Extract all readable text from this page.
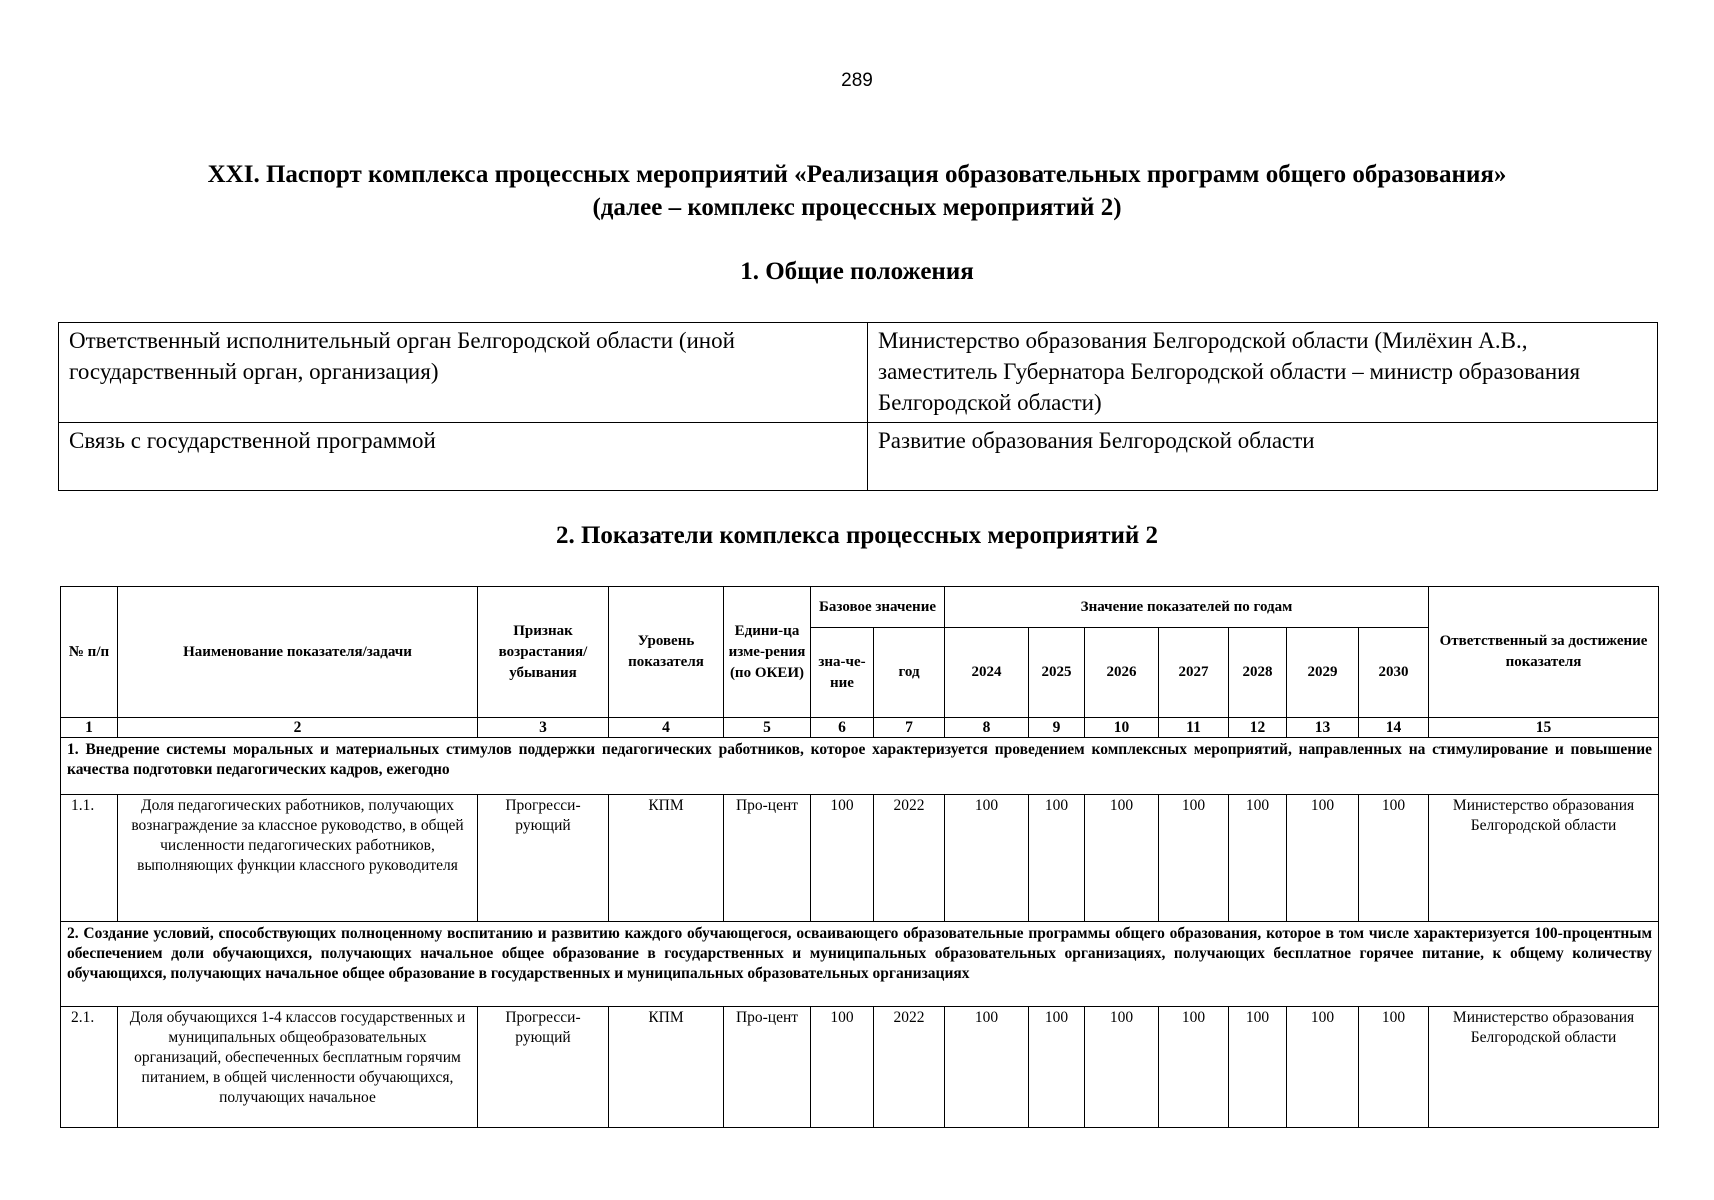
289
XXI. Паспорт комплекса процессных мероприятий «Реализация образовательных программ общего образования»
(далее – комплекс процессных мероприятий 2)
1. Общие положения
Ответственный исполнительный орган Белгородской области (иной государственный орган, организация)	Министерство образования Белгородской области (Милёхин А.В., заместитель Губернатора Белгородской области – министр образования Белгородской области)
Связь с государственной программой	Развитие образования Белгородской области
2. Показатели комплекса процессных мероприятий 2
№ п/п	Наименование показателя/задачи	Признак возрастания/ убывания	Уровень показателя	Едини-ца изме-рения (по ОКЕИ)	Базовое значение		Значение показателей по годам							Ответственный за достижение показателя
					зна-че-ние	год	2024	2025	2026	2027	2028	2029	2030	
1	2	3	4	5	6	7	8	9	10	11	12	13	14	15
1. Внедрение системы моральных и материальных стимулов поддержки педагогических работников, которое характеризуется проведением комплексных мероприятий, направленных на стимулирование и повышение качества подготовки педагогических кадров, ежегодно														
1.1.	Доля педагогических работников, получающих вознаграждение за классное руководство, в общей численности педагогических работников, выполняющих функции классного руководителя	Прогресси-рующий	КПМ	Про-цент	100	2022	100	100	100	100	100	100	100	Министерство образования Белгородской области
2. Создание условий, способствующих полноценному воспитанию и развитию каждого обучающегося, осваивающего образовательные программы общего образования, которое в том числе характеризуется 100-процентным обеспечением доли обучающихся, получающих начальное общее образование в государственных и муниципальных образовательных организациях, получающих бесплатное горячее питание, к общему количеству обучающихся, получающих начальное общее образование в государственных и муниципальных образовательных организациях														
2.1.	Доля обучающихся 1-4 классов государственных и муниципальных общеобразовательных организаций, обеспеченных бесплатным горячим питанием, в общей численности обучающихся, получающих начальное	Прогресси-рующий	КПМ	Про-цент	100	2022	100	100	100	100	100	100	100	Министерство образования Белгородской области
